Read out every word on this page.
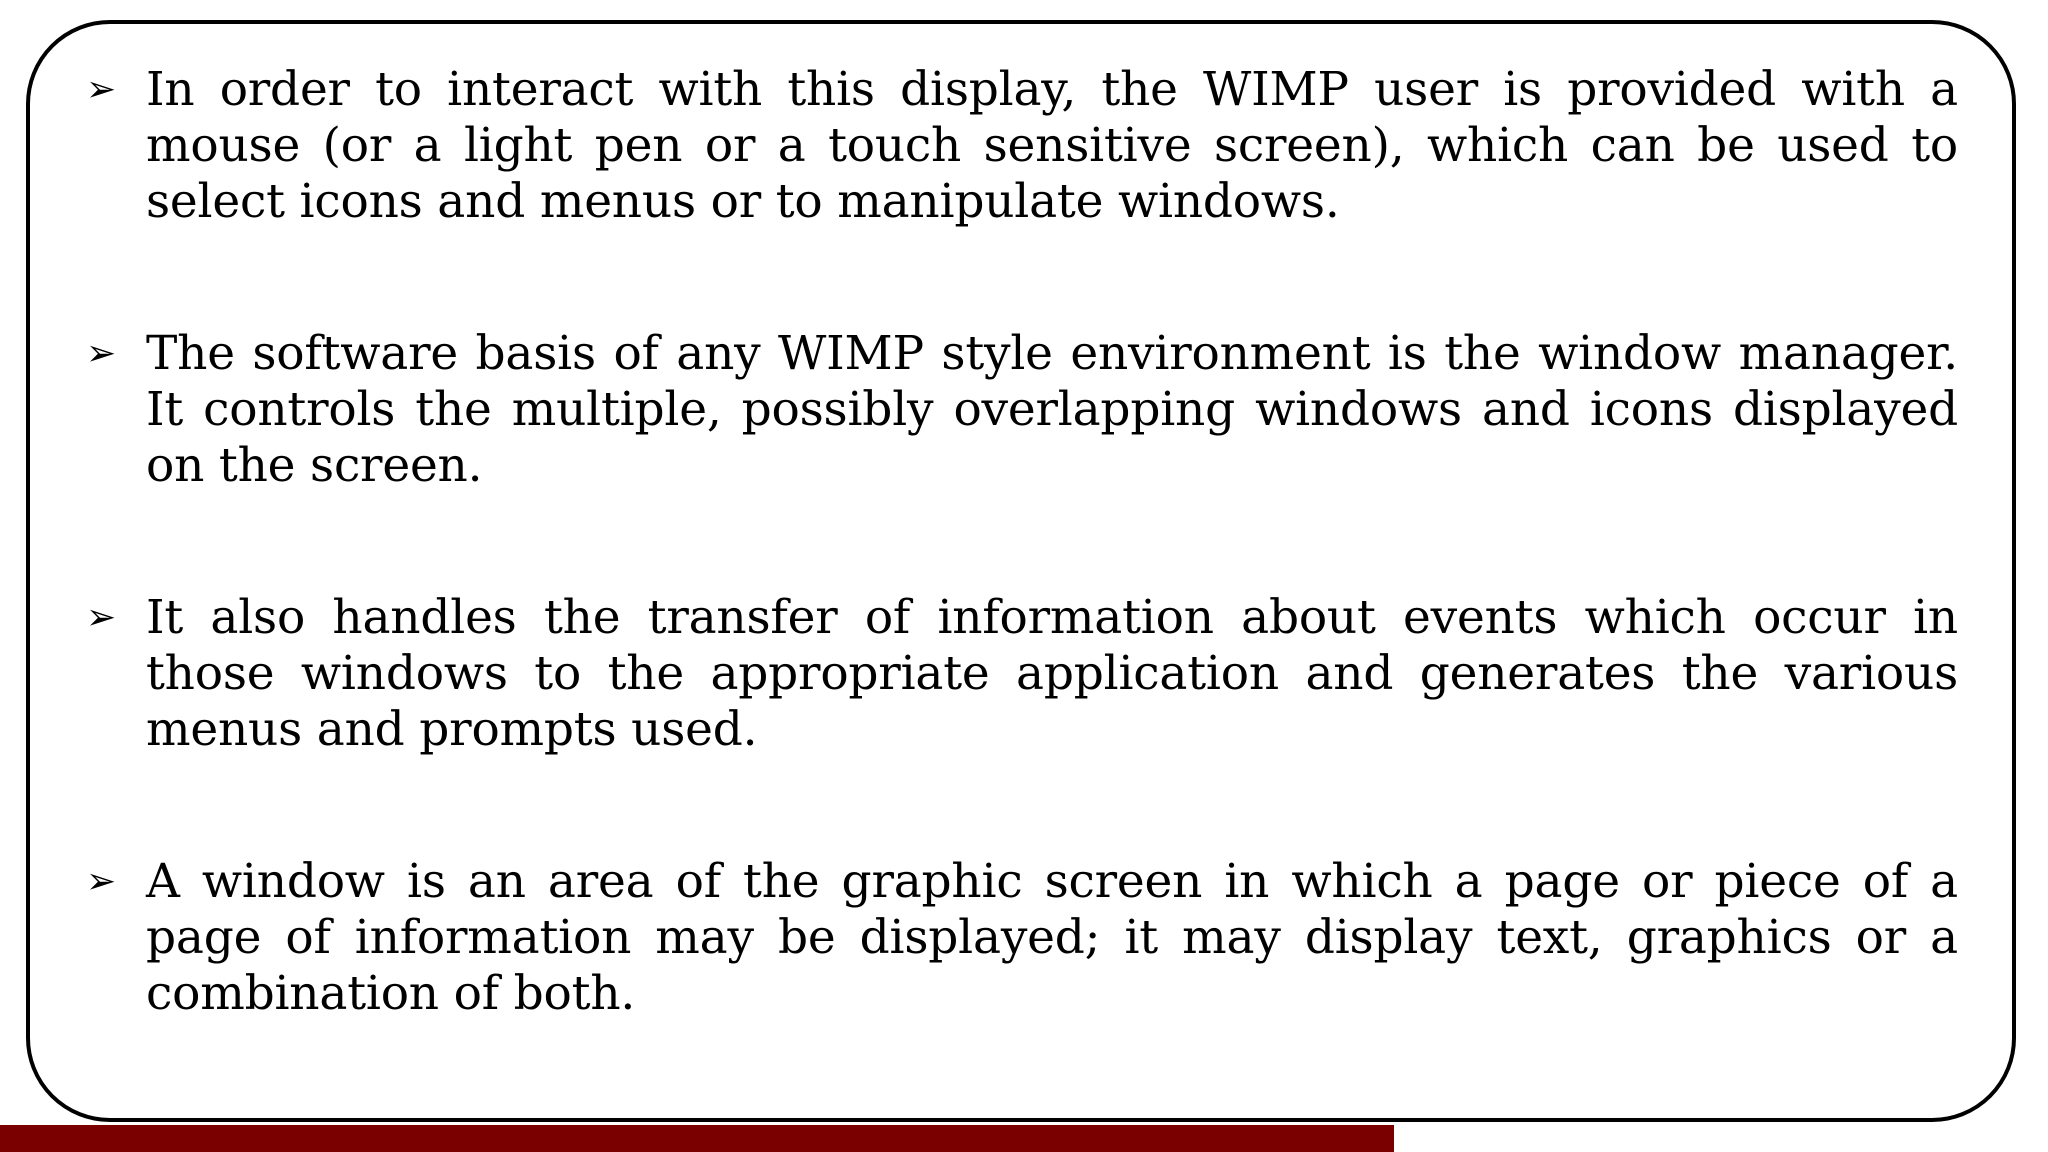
➢ In order to interact with this display, the WIMP user is provided with a mouse (or a light pen or a touch sensitive screen), which can be used to select icons and menus or to manipulate windows.

➢ The software basis of any WIMP style environment is the window manager. It controls the multiple, possibly overlapping windows and icons displayed on the screen.

➢ It also handles the transfer of information about events which occur in those windows to the appropriate application and generates the various menus and prompts used.

➢ A window is an area of the graphic screen in which a page or piece of a page of information may be displayed; it may display text, graphics or a combination of both.
